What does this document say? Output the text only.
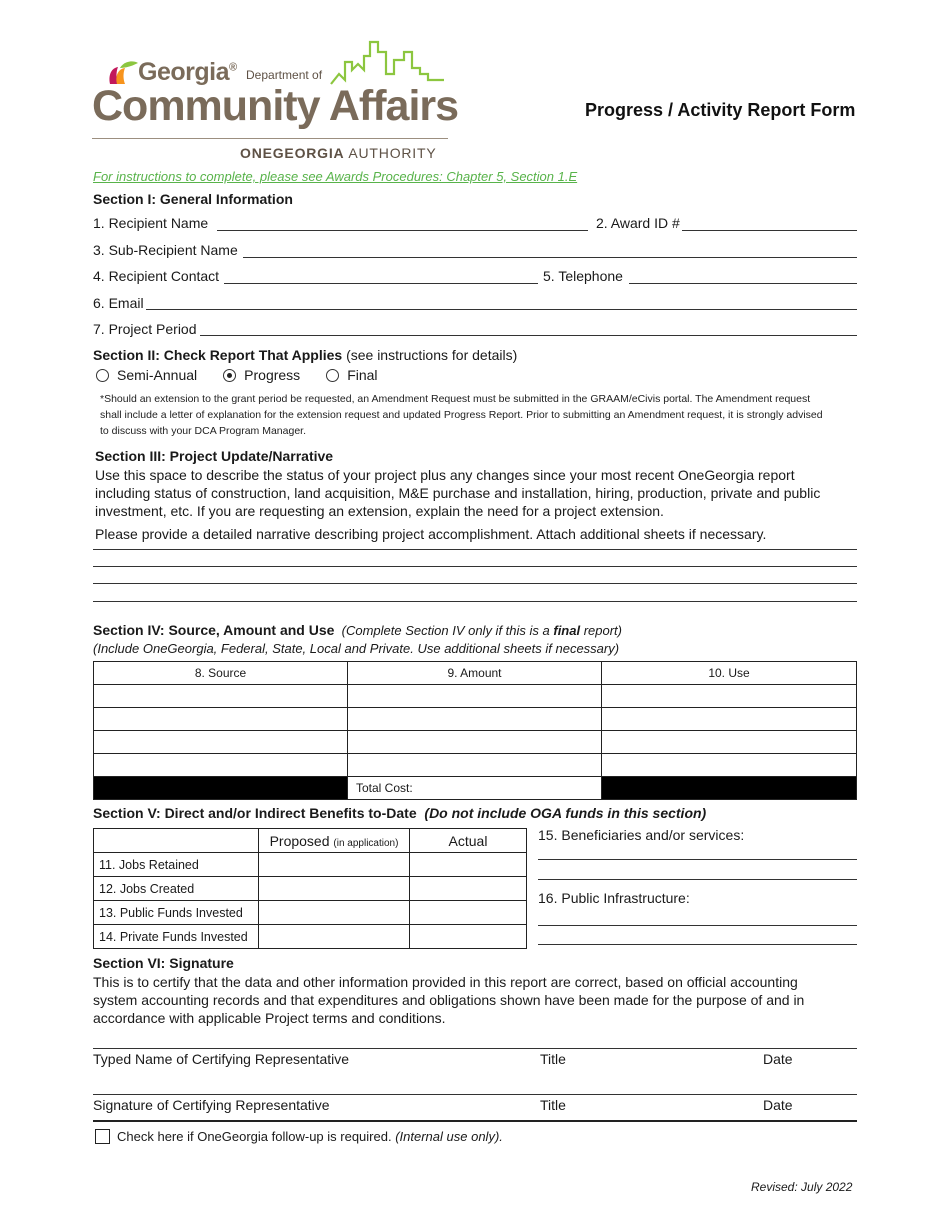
Georgia®
Department of
Community Affairs
ONEGEORGIA AUTHORITY
Progress / Activity Report Form
For instructions to complete, please see Awards Procedures: Chapter 5, Section 1.E
Section I: General Information
1. Recipient Name	2. Award ID #
3. Sub-Recipient Name
4. Recipient Contact	5. Telephone
6. Email
7. Project Period
Section II: Check Report That Applies (see instructions for details)
Semi-Annual	Progress	Final
*Should an extension to the grant period be requested, an Amendment Request must be submitted in the GRAAM/eCivis portal. The Amendment request shall include a letter of explanation for the extension request and updated Progress Report. Prior to submitting an Amendment request, it is strongly advised to discuss with your DCA Program Manager.
Section III: Project Update/Narrative
Use this space to describe the status of your project plus any changes since your most recent OneGeorgia report including status of construction, land acquisition, M&E purchase and installation, hiring, production, private and public investment, etc. If you are requesting an extension, explain the need for a project extension.
Please provide a detailed narrative describing project accomplishment. Attach additional sheets if necessary.
Section IV: Source, Amount and Use (Complete Section IV only if this is a final report)
(Include OneGeorgia, Federal, State, Local and Private. Use additional sheets if necessary)
8. Source	9. Amount	10. Use

	Total Cost:	
Section V: Direct and/or Indirect Benefits to-Date (Do not include OGA funds in this section)
	Proposed (in application)	Actual
11. Jobs Retained		
12. Jobs Created		
13. Public Funds Invested		
14. Private Funds Invested		
15. Beneficiaries and/or services:
16. Public Infrastructure:
Section VI: Signature
This is to certify that the data and other information provided in this report are correct, based on official accounting system accounting records and that expenditures and obligations shown have been made for the purpose of and in accordance with applicable Project terms and conditions.
Typed Name of Certifying Representative	Title	Date
Signature of Certifying Representative	Title	Date
Check here if OneGeorgia follow-up is required. (Internal use only).
Revised: July 2022
